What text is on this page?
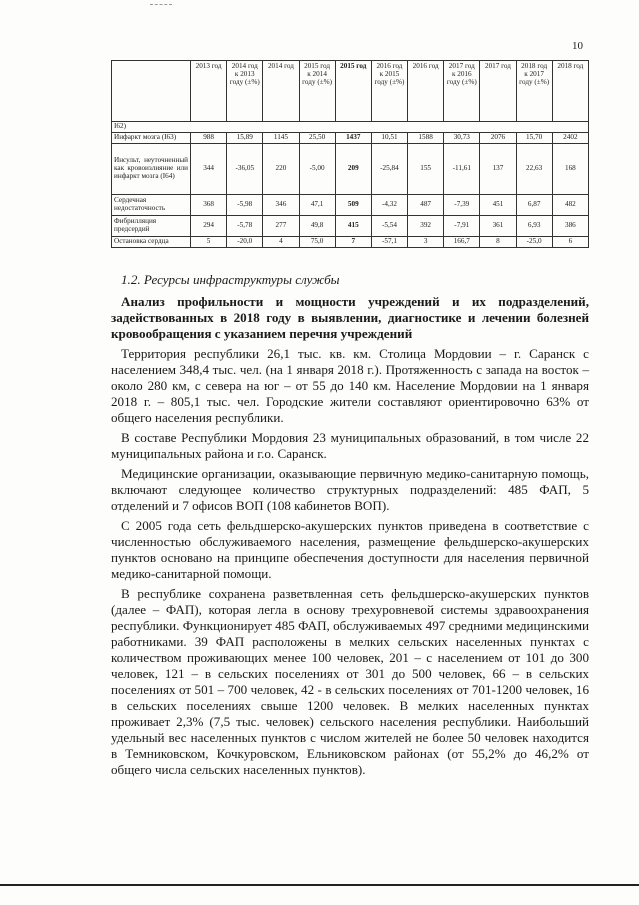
10
	2013 год	2014 год к 2013 году (±%)	2014 год	2015 год к 2014 году (±%)	2015 год	2016 год к 2015 году (±%)	2016 год	2017 год к 2016 году (±%)	2017 год	2018 год к 2017 году (±%)	2018 год
I62)											
Инфаркт мозга (I63)	988	15,89	1145	25,50	1437	10,51	1588	30,73	2076	15,70	2402
Инсульт, неуточненный как кровоизлияние или инфаркт мозга (I64)	344	-36,05	220	-5,00	209	-25,84	155	-11,61	137	22,63	168
Сердечная недостаточность	368	-5,98	346	47,1	509	-4,32	487	-7,39	451	6,87	482
Фибрилляция предсердий	294	-5,78	277	49,8	415	-5,54	392	-7,91	361	6,93	386
Остановка сердца	5	-20,0	4	75,0	7	-57,1	3	166,7	8	-25,0	6

1.2. Ресурсы инфраструктуры службы

Анализ профильности и мощности учреждений и их подразделений, задействованных в 2018 году в выявлении, диагностике и лечении болезней кровообращения с указанием перечня учреждений

Территория республики 26,1 тыс. кв. км. Столица Мордовии – г. Саранск с населением 348,4 тыс. чел. (на 1 января 2018 г.). Протяженность с запада на восток – около 280 км, с севера на юг – от 55 до 140 км. Население Мордовии на 1 января 2018 г. – 805,1 тыс. чел. Городские жители составляют ориентировочно 63% от общего населения республики.

В составе Республики Мордовия 23 муниципальных образований, в том числе 22 муниципальных района и г.о. Саранск.

Медицинские организации, оказывающие первичную медико-санитарную помощь, включают следующее количество структурных подразделений: 485 ФАП, 5 отделений и 7 офисов ВОП (108 кабинетов ВОП).

С 2005 года сеть фельдшерско-акушерских пунктов приведена в соответствие с численностью обслуживаемого населения, размещение фельдшерско-акушерских пунктов основано на принципе обеспечения доступности для населения первичной медико-санитарной помощи.

В республике сохранена разветвленная сеть фельдшерско-акушерских пунктов (далее – ФАП), которая легла в основу трехуровневой системы здравоохранения республики. Функционирует 485 ФАП, обслуживаемых 497 средними медицинскими работниками. 39 ФАП расположены в мелких сельских населенных пунктах с количеством проживающих менее 100 человек, 201 – с населением от 101 до 300 человек, 121 – в сельских поселениях от 301 до 500 человек, 66 – в сельских поселениях от 501 – 700 человек, 42 - в сельских поселениях от 701-1200 человек, 16 в сельских поселениях свыше 1200 человек. В мелких населенных пунктах проживает 2,3% (7,5 тыс. человек) сельского населения республики. Наибольший удельный вес населенных пунктов с числом жителей не более 50 человек находится в Темниковском, Кочкуровском, Ельниковском районах (от 55,2% до 46,2% от общего числа сельских населенных пунктов).
